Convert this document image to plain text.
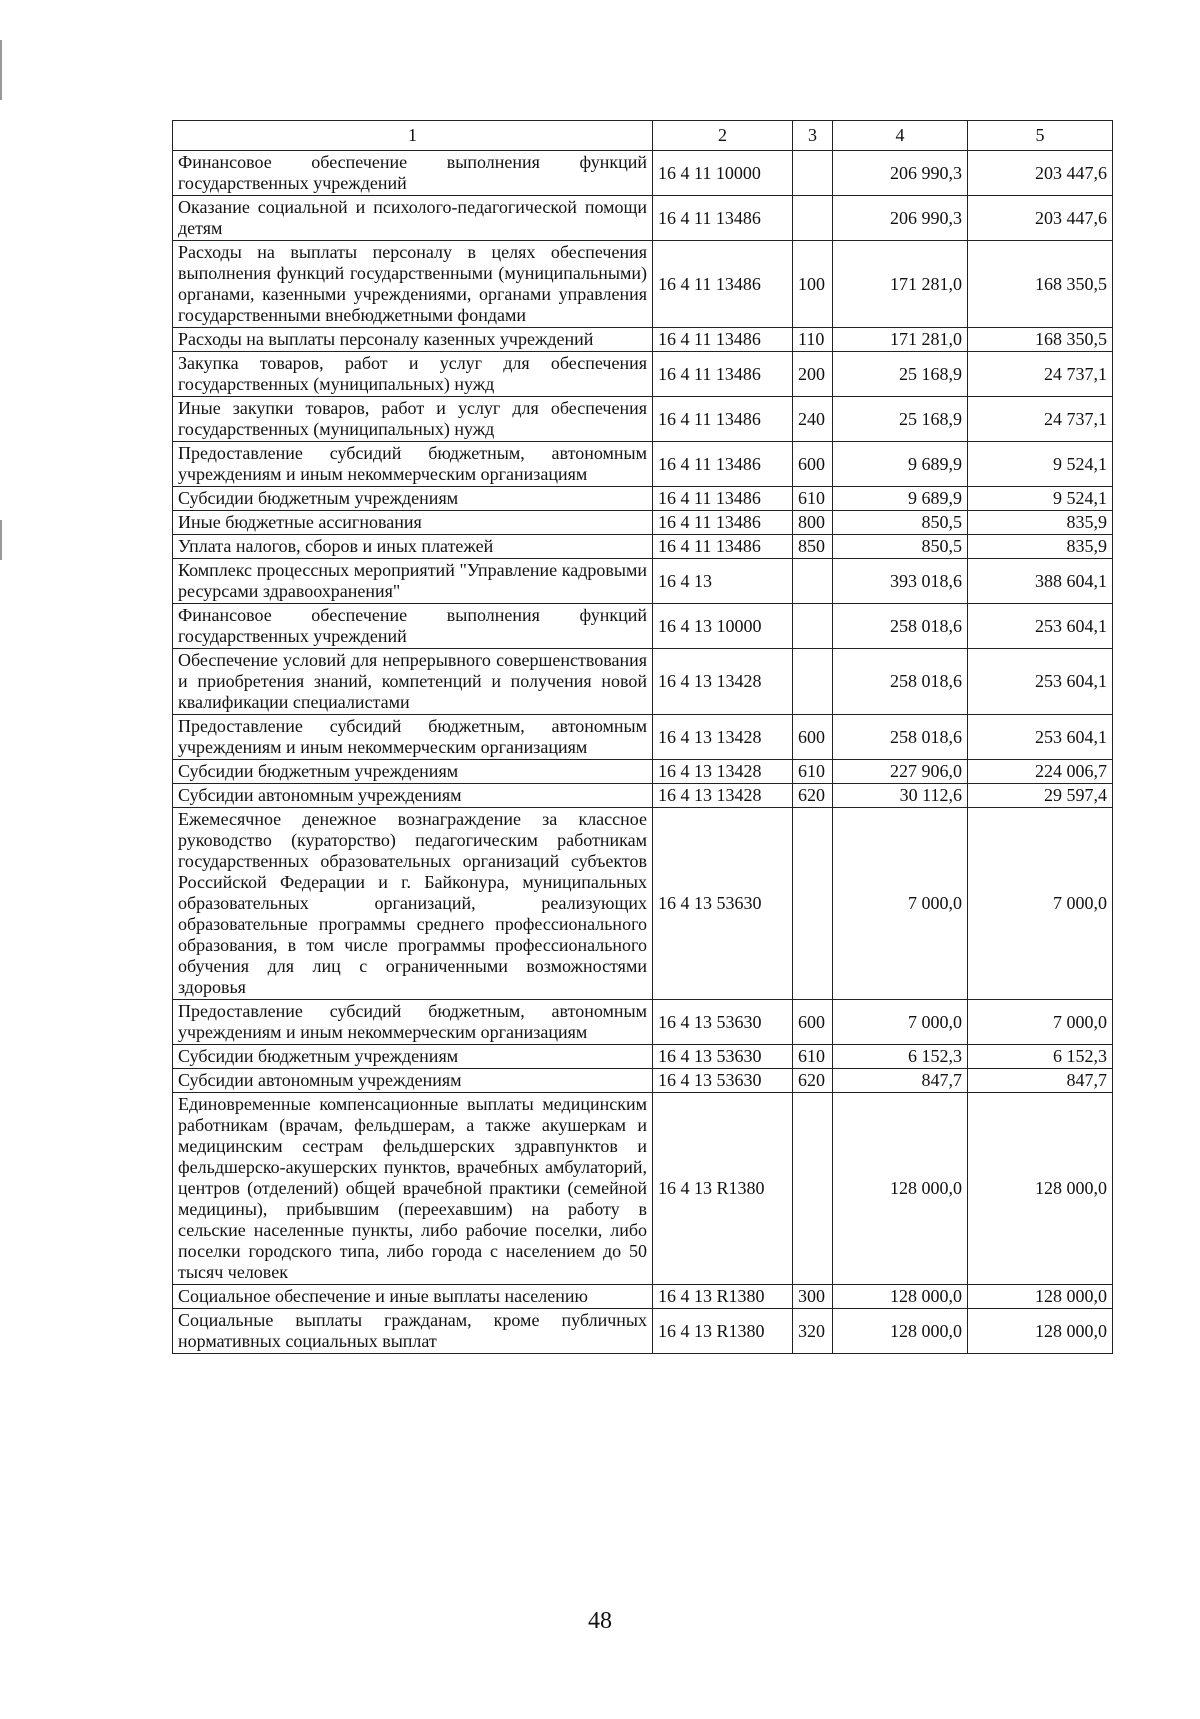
1	2	3	4	5
Финансовое обеспечение выполнения функций государственных учреждений	16 4 11 10000		206 990,3	203 447,6
Оказание социальной и психолого-педагогической помощи детям	16 4 11 13486		206 990,3	203 447,6
Расходы на выплаты персоналу в целях обеспечения выполнения функций государственными (муниципальными) органами, казенными учреждениями, органами управления государственными внебюджетными фондами	16 4 11 13486	100	171 281,0	168 350,5
Расходы на выплаты персоналу казенных учреждений	16 4 11 13486	110	171 281,0	168 350,5
Закупка товаров, работ и услуг для обеспечения государственных (муниципальных) нужд	16 4 11 13486	200	25 168,9	24 737,1
Иные закупки товаров, работ и услуг для обеспечения государственных (муниципальных) нужд	16 4 11 13486	240	25 168,9	24 737,1
Предоставление субсидий бюджетным, автономным учреждениям и иным некоммерческим организациям	16 4 11 13486	600	9 689,9	9 524,1
Субсидии бюджетным учреждениям	16 4 11 13486	610	9 689,9	9 524,1
Иные бюджетные ассигнования	16 4 11 13486	800	850,5	835,9
Уплата налогов, сборов и иных платежей	16 4 11 13486	850	850,5	835,9
Комплекс процессных мероприятий "Управление кадровыми ресурсами здравоохранения"	16 4 13		393 018,6	388 604,1
Финансовое обеспечение выполнения функций государственных учреждений	16 4 13 10000		258 018,6	253 604,1
Обеспечение условий для непрерывного совершенствования и приобретения знаний, компетенций и получения новой квалификации специалистами	16 4 13 13428		258 018,6	253 604,1
Предоставление субсидий бюджетным, автономным учреждениям и иным некоммерческим организациям	16 4 13 13428	600	258 018,6	253 604,1
Субсидии бюджетным учреждениям	16 4 13 13428	610	227 906,0	224 006,7
Субсидии автономным учреждениям	16 4 13 13428	620	30 112,6	29 597,4
Ежемесячное денежное вознаграждение за классное руководство (кураторство) педагогическим работникам государственных образовательных организаций субъектов Российской Федерации и г. Байконура, муниципальных образовательных организаций, реализующих образовательные программы среднего профессионального образования, в том числе программы профессионального обучения для лиц с ограниченными возможностями здоровья	16 4 13 53630		7 000,0	7 000,0
Предоставление субсидий бюджетным, автономным учреждениям и иным некоммерческим организациям	16 4 13 53630	600	7 000,0	7 000,0
Субсидии бюджетным учреждениям	16 4 13 53630	610	6 152,3	6 152,3
Субсидии автономным учреждениям	16 4 13 53630	620	847,7	847,7
Единовременные компенсационные выплаты медицинским работникам (врачам, фельдшерам, а также акушеркам и медицинским сестрам фельдшерских здравпунктов и фельдшерско-акушерских пунктов, врачебных амбулаторий, центров (отделений) общей врачебной практики (семейной медицины), прибывшим (переехавшим) на работу в сельские населенные пункты, либо рабочие поселки, либо поселки городского типа, либо города с населением до 50 тысяч человек	16 4 13 R1380		128 000,0	128 000,0
Социальное обеспечение и иные выплаты населению	16 4 13 R1380	300	128 000,0	128 000,0
Социальные выплаты гражданам, кроме публичных нормативных социальных выплат	16 4 13 R1380	320	128 000,0	128 000,0
48
